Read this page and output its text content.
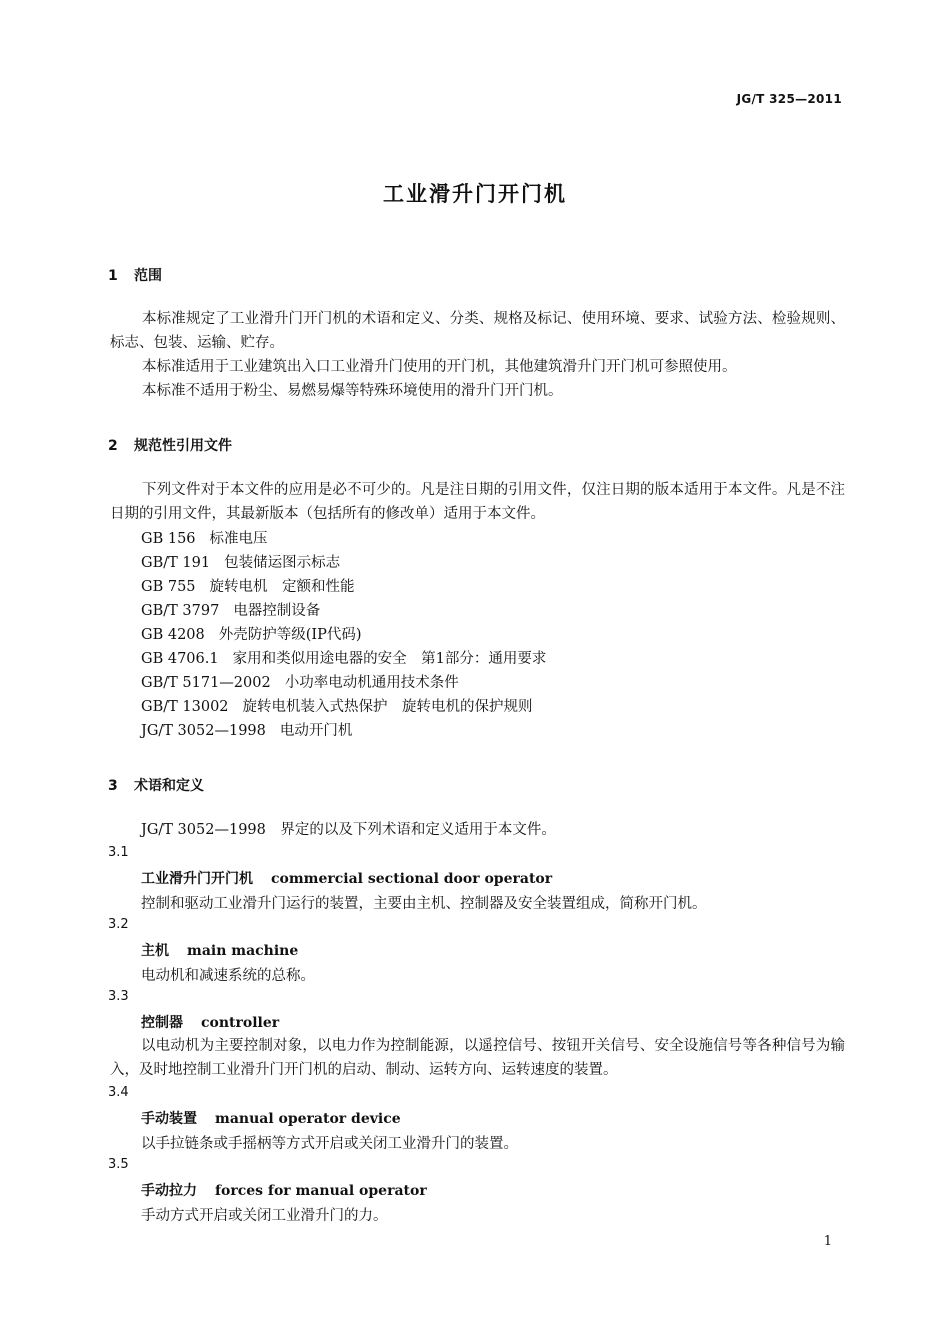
JG/T 325—2011
工业滑升门开门机
1 范围
本标准规定了工业滑升门开门机的术语和定义、分类、规格及标记、使用环境、要求、试验方法、检验规则、标志、包装、运输、贮存。
本标准适用于工业建筑出入口工业滑升门使用的开门机，其他建筑滑升门开门机可参照使用。
本标准不适用于粉尘、易燃易爆等特殊环境使用的滑升门开门机。
2 规范性引用文件
下列文件对于本文件的应用是必不可少的。凡是注日期的引用文件，仅注日期的版本适用于本文件。凡是不注日期的引用文件，其最新版本（包括所有的修改单）适用于本文件。
GB 156 标准电压
GB/T 191 包装储运图示标志
GB 755 旋转电机　定额和性能
GB/T 3797 电器控制设备
GB 4208 外壳防护等级(IP代码)
GB 4706.1 家用和类似用途电器的安全　第1部分：通用要求
GB/T 5171—2002 小功率电动机通用技术条件
GB/T 13002 旋转电机装入式热保护　旋转电机的保护规则
JG/T 3052—1998 电动开门机
3 术语和定义
JG/T 3052—1998　界定的以及下列术语和定义适用于本文件。
3.1
工业滑升门开门机 commercial sectional door operator
控制和驱动工业滑升门运行的装置，主要由主机、控制器及安全装置组成，简称开门机。
3.2
主机 main machine
电动机和减速系统的总称。
3.3
控制器 controller
以电动机为主要控制对象，以电力作为控制能源，以遥控信号、按钮开关信号、安全设施信号等各种信号为输入，及时地控制工业滑升门开门机的启动、制动、运转方向、运转速度的装置。
3.4
手动装置 manual operator device
以手拉链条或手摇柄等方式开启或关闭工业滑升门的装置。
3.5
手动拉力 forces for manual operator
手动方式开启或关闭工业滑升门的力。
1
